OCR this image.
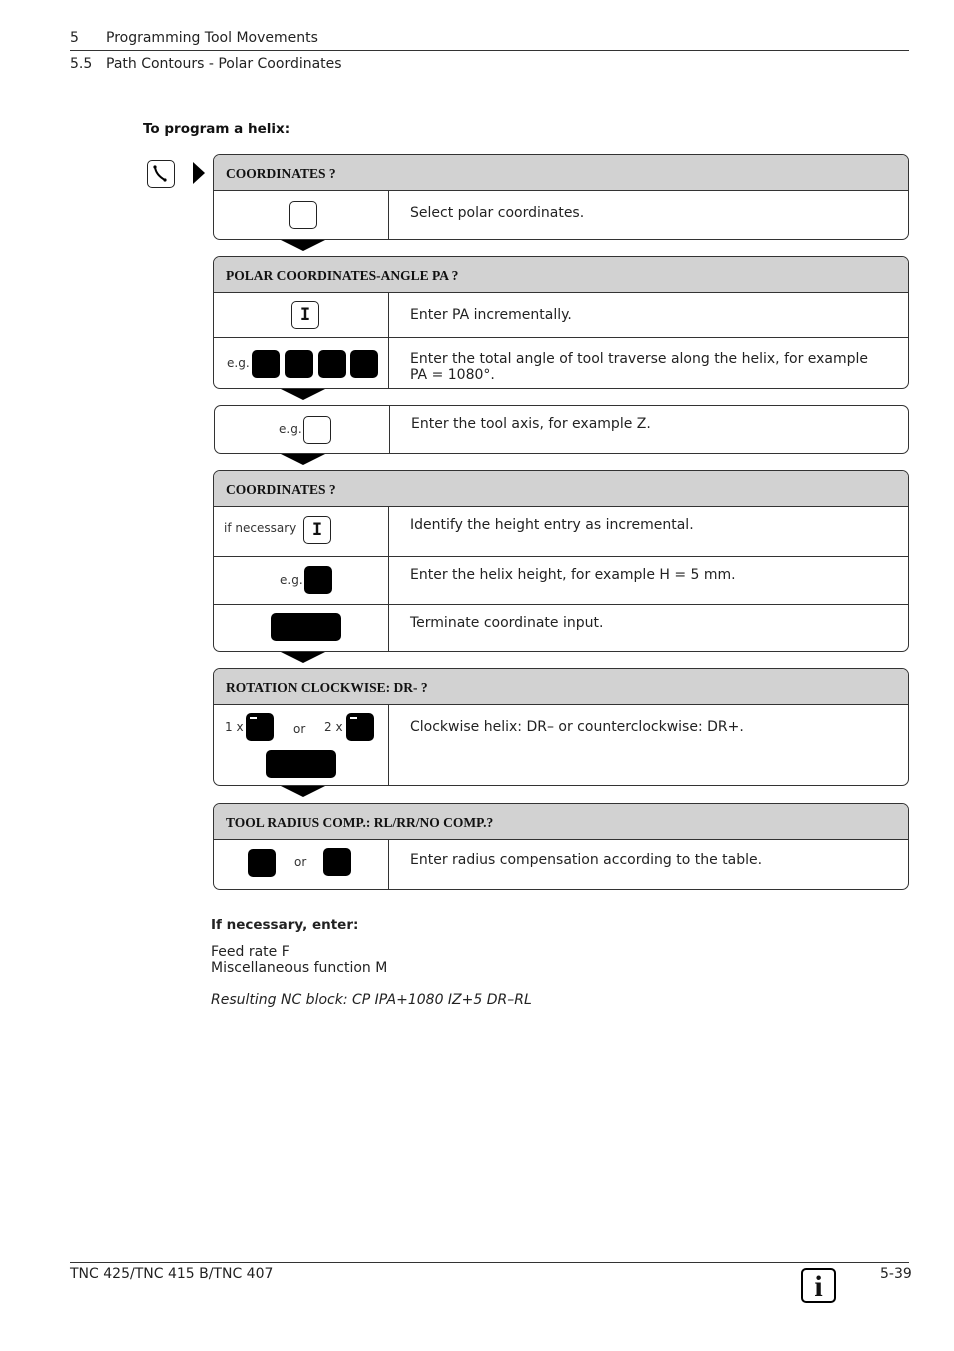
5 Programming Tool Movements
5.5 Path Contours - Polar Coordinates
To program a helix:
COORDINATES ?
Select polar coordinates.
POLAR COORDINATES-ANGLE PA ?
I	Enter PA incrementally.
e.g.	Enter the total angle of tool traverse along the helix, for example
PA = 1080°.
e.g.	Enter the tool axis, for example Z.
COORDINATES ?
if necessary I	Identify the height entry as incremental.
e.g.	Enter the helix height, for example H = 5 mm.
Terminate coordinate input.
ROTATION CLOCKWISE: DR- ?
1 x	or 2 x	Clockwise helix: DR– or counterclockwise: DR+.
TOOL RADIUS COMP.: RL/RR/NO COMP.?
or	Enter radius compensation according to the table.
If necessary, enter:
Feed rate F
Miscellaneous function M
Resulting NC block: CP IPA+1080 IZ+5 DR–RL
TNC 425/TNC 415 B/TNC 407	i	5-39
